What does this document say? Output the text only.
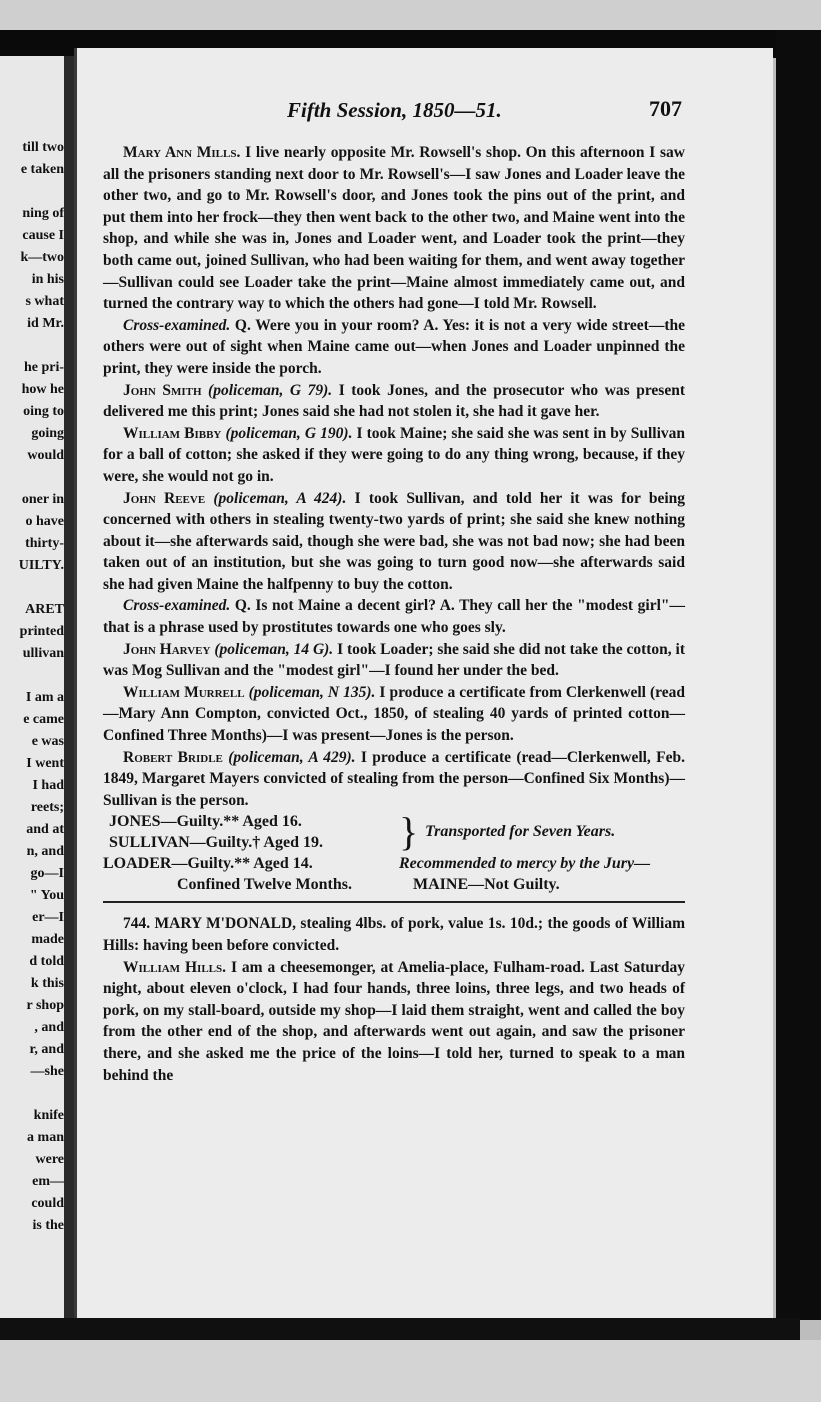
till two
e taken
ning of
cause I
k—two
in his
s what
id Mr.
he pri-
how he
oing to
going
would
oner in
o have
thirty-
UILTY.
ARET
printed
ullivan
I am a
e came
e was
I went
I had
reets;
and at
n, and
go—I
" You
er—I
made
d told
k this
r shop
, and
r, and
—she
knife
a man
were
em—
could
is the
Fifth Session, 1850—51.	707

Mary Ann Mills. I live nearly opposite Mr. Rowsell's shop. On this afternoon I saw all the prisoners standing next door to Mr. Rowsell's—I saw Jones and Loader leave the other two, and go to Mr. Rowsell's door, and Jones took the pins out of the print, and put them into her frock—they then went back to the other two, and Maine went into the shop, and while she was in, Jones and Loader went, and Loader took the print—they both came out, joined Sullivan, who had been waiting for them, and went away together—Sullivan could see Loader take the print—Maine almost immediately came out, and turned the contrary way to which the others had gone—I told Mr. Rowsell.

Cross-examined. Q. Were you in your room? A. Yes: it is not a very wide street—the others were out of sight when Maine came out—when Jones and Loader unpinned the print, they were inside the porch.

John Smith (policeman, G 79). I took Jones, and the prosecutor who was present delivered me this print; Jones said she had not stolen it, she had it gave her.

William Bibby (policeman, G 190). I took Maine; she said she was sent in by Sullivan for a ball of cotton; she asked if they were going to do any thing wrong, because, if they were, she would not go in.

John Reeve (policeman, A 424). I took Sullivan, and told her it was for being concerned with others in stealing twenty-two yards of print; she said she knew nothing about it—she afterwards said, though she were bad, she was not bad now; she had been taken out of an institution, but she was going to turn good now—she afterwards said she had given Maine the halfpenny to buy the cotton.

Cross-examined. Q. Is not Maine a decent girl? A. They call her the "modest girl"—that is a phrase used by prostitutes towards one who goes sly.

John Harvey (policeman, 14 G). I took Loader; she said she did not take the cotton, it was Mog Sullivan and the "modest girl"—I found her under the bed.

William Murrell (policeman, N 135). I produce a certificate from Clerkenwell (read—Mary Ann Compton, convicted Oct., 1850, of stealing 40 yards of printed cotton—Confined Three Months)—I was present—Jones is the person.

Robert Bridle (policeman, A 429). I produce a certificate (read—Clerkenwell, Feb. 1849, Margaret Mayers convicted of stealing from the person—Confined Six Months)—Sullivan is the person.

JONES—Guilty.** Aged 16.
SULLIVAN—Guilty.† Aged 19. } Transported for Seven Years.
LOADER—Guilty.** Aged 14.	Recommended to mercy by the Jury—
Confined Twelve Months.	MAINE—Not Guilty.

744. MARY M'DONALD, stealing 4lbs. of pork, value 1s. 10d.; the goods of William Hills: having been before convicted.

William Hills. I am a cheesemonger, at Amelia-place, Fulham-road. Last Saturday night, about eleven o'clock, I had four hands, three loins, three legs, and two heads of pork, on my stall-board, outside my shop—I laid them straight, went and called the boy from the other end of the shop, and afterwards went out again, and saw the prisoner there, and she asked me the price of the loins—I told her, turned to speak to a man behind the
